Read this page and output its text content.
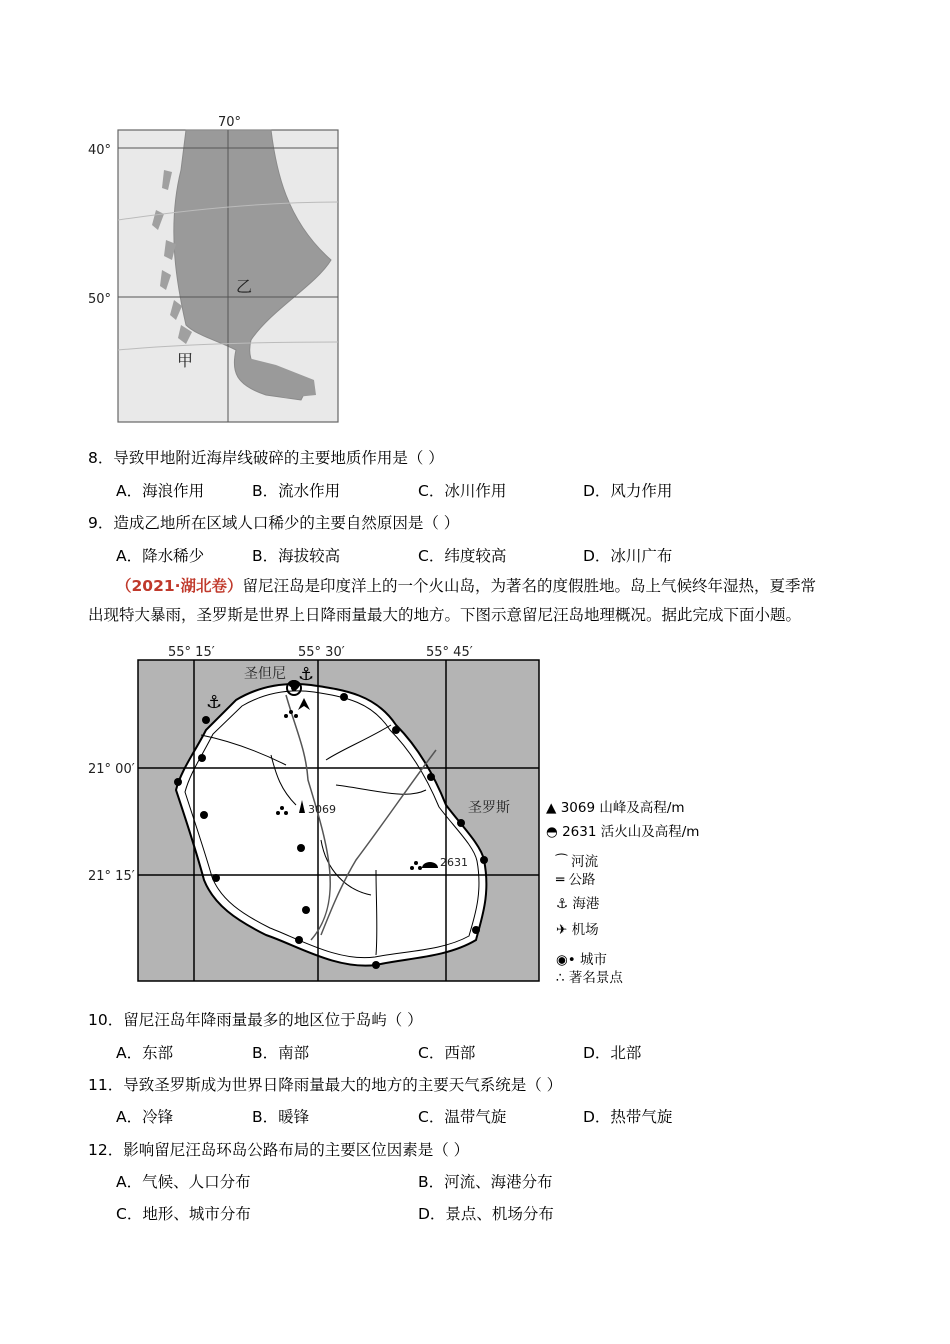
70°
40°
50°
乙
甲
8．导致甲地附近海岸线破碎的主要地质作用是（ ）
A．海浪作用	B．流水作用	C．冰川作用	D．风力作用
9．造成乙地所在区域人口稀少的主要自然原因是（ ）
A．降水稀少	B．海拔较高	C．纬度较高	D．冰川广布
（2021·湖北卷）留尼汪岛是印度洋上的一个火山岛，为著名的度假胜地。岛上气候终年湿热，夏季常
出现特大暴雨，圣罗斯是世界上日降雨量最大的地方。下图示意留尼汪岛地理概况。据此完成下面小题。
⚓
⚓
55° 15′	55° 30′	55° 45′
21° 00′
21° 15′
圣但尼
圣罗斯
3069
2631
▲ 3069 山峰及高程/m
◓ 2631 活火山及高程/m
⁀ 河流
═ 公路
⚓ 海港
✈ 机场
◉• 城市
∴ 著名景点
10．留尼汪岛年降雨量最多的地区位于岛屿（ ）
A．东部	B．南部	C．西部	D．北部
11．导致圣罗斯成为世界日降雨量最大的地方的主要天气系统是（ ）
A．冷锋	B．暖锋	C．温带气旋	D．热带气旋
12．影响留尼汪岛环岛公路布局的主要区位因素是（ ）
A．气候、人口分布	B．河流、海港分布
C．地形、城市分布	D．景点、机场分布
